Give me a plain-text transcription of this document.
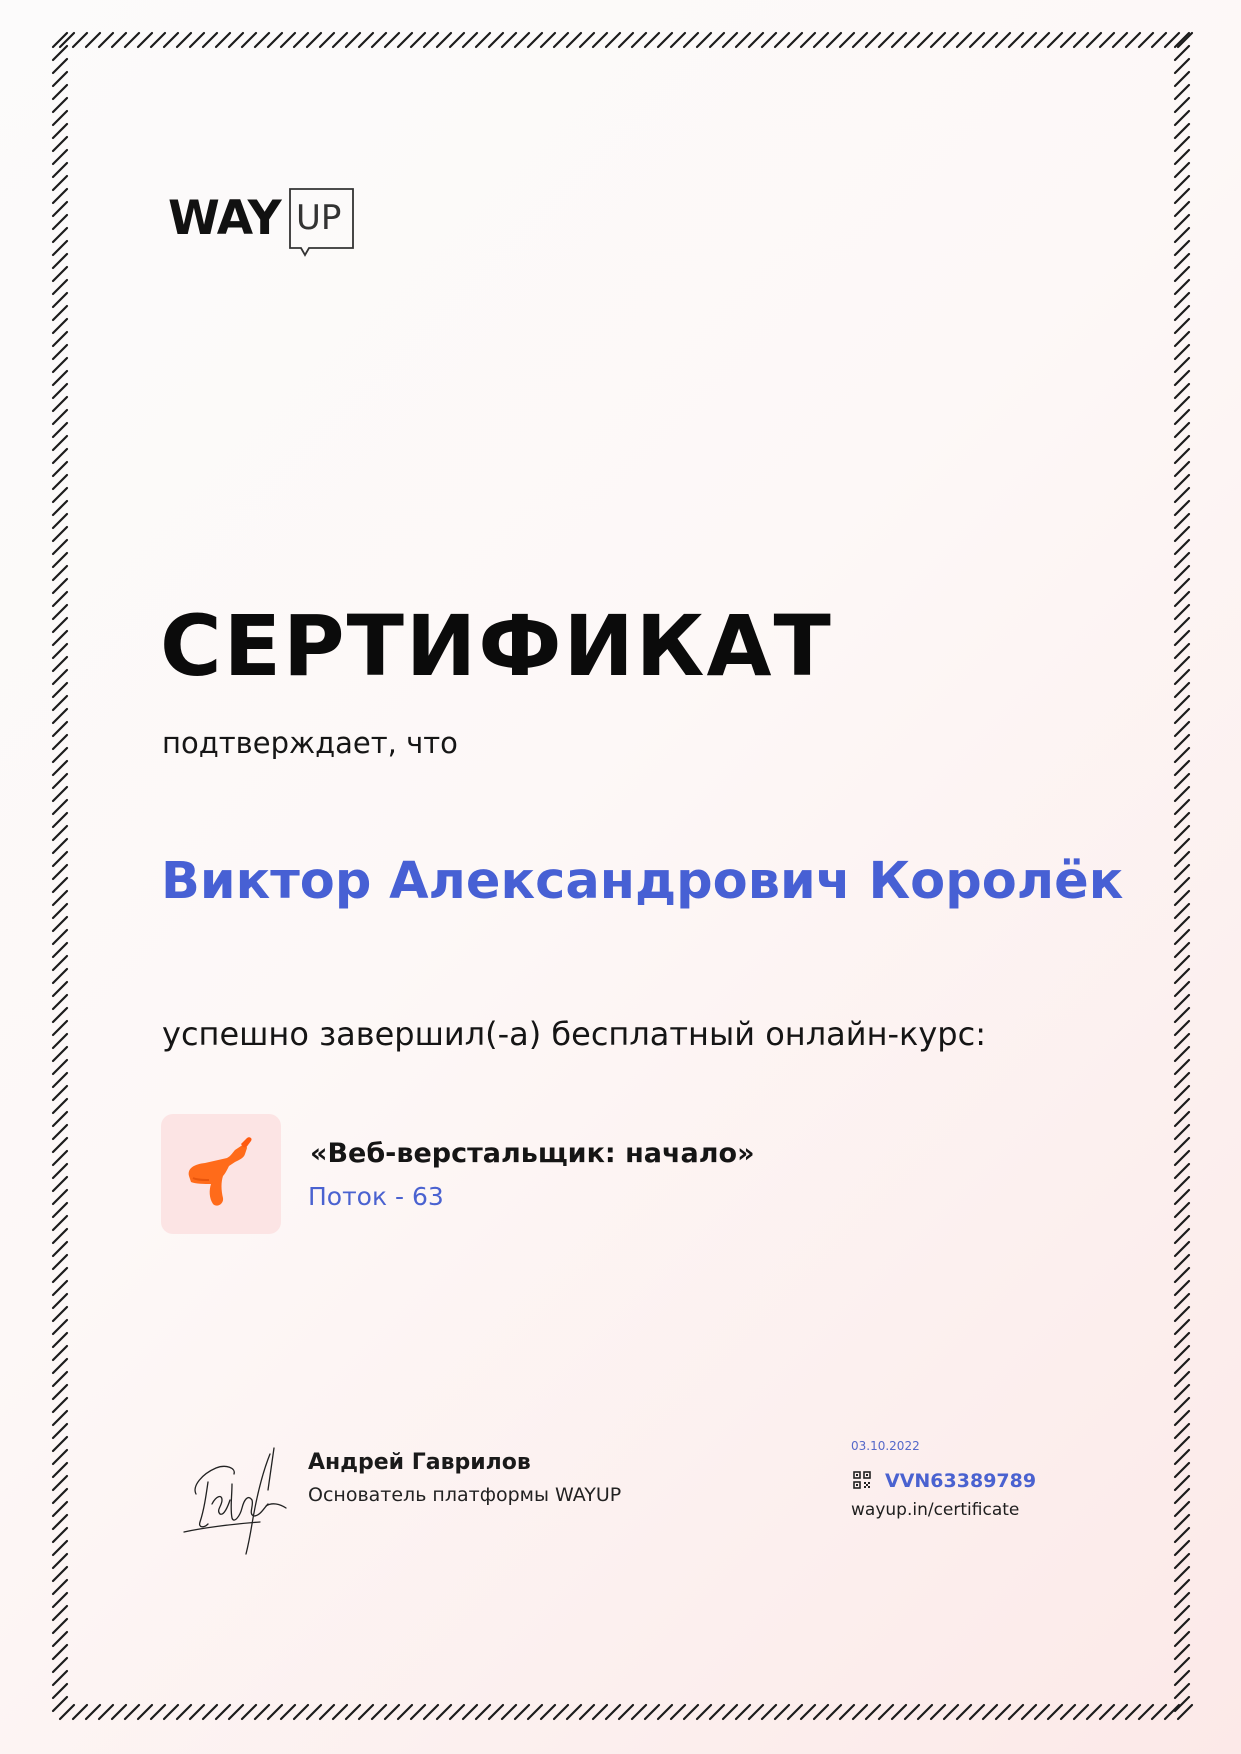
WAY UP
СЕРТИФИКАТ
подтверждает, что
Виктор Александрович Королёк
успешно завершил(-а) бесплатный онлайн-курс:
«Веб-верстальщик: начало»
Поток - 63
Андрей Гаврилов
Основатель платформы WAYUP
03.10.2022
VVN63389789
wayup.in/certificate
